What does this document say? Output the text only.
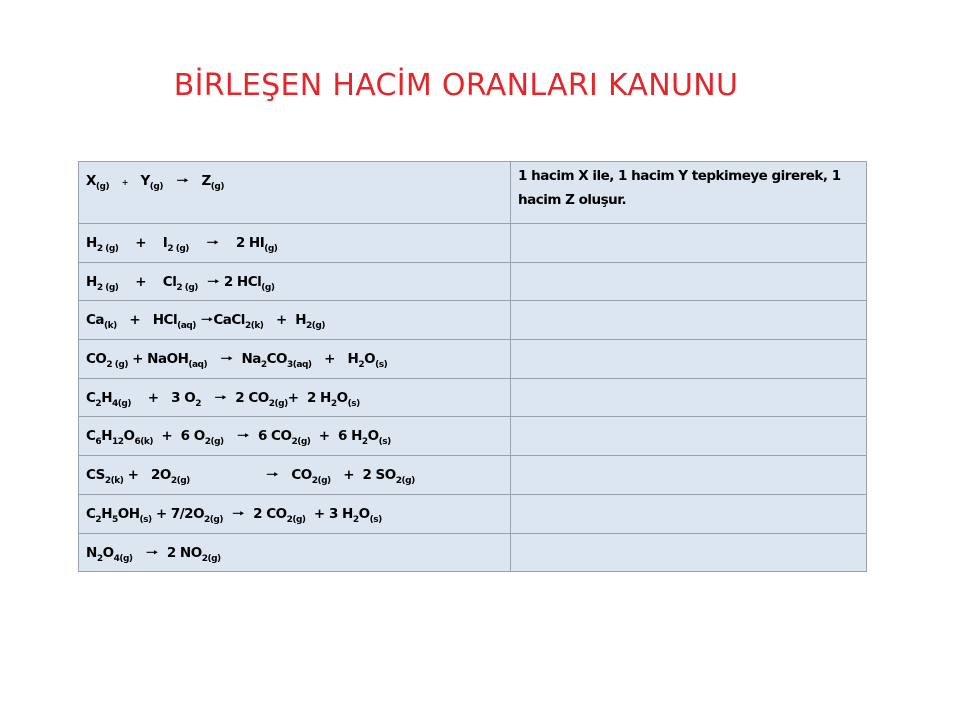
BİRLEŞEN HACİM ORANLARI KANUNU
$X_{(g)} + Y_{(g)}$ 🠒   $Z_{(g)}$	1 hacim X ile, 1 hacim Y tepkimeye girerek, 1 hacim Z oluşur.
$H_{2 (g)}$    +    $I_{2 (g)}$ 🠒    2 $HI_{(g)}$	
$H_{2 (g)}$    +    $Cl_{2 (g)}$ 🠒 2 HCl$_{(g)}$	
$Ca_{(k)} + HCl_{(aq)}$ 🠒CaCl$_{2(k)}$   +  $H_{2(g)}$	
$CO_{2 (g)}$ + NaOH$_{(aq)}$ 🠒  $Na_2CO_{3(aq)} + H_2O_{(s)}$	
$C_2H_{4(g)}$    +   3 $O_2$ 🠒  2 $CO_{2(g)}+ 2$ $H_2O_{(s)}$	
$C_6H_{12}O_{6(k)} + 6$ $O_{2(g)}$ 🠒  6 $CO_{2(g)} + 6$ $H_2O_{(s)}$	
$CS_{2(k)} + 2O_{2(g)}$ 🠒   $CO_{2(g)} + 2$ $SO_{2(g)}$	
$C_2H_5OH_{(s)} + 7/2O_{2(g)}$ 🠒  2 $CO_{2(g)} + 3$ $H_2O_{(s)}$	
$N_2O_{4(g)}$ 🠒  2 $NO_{2(g)}$	
